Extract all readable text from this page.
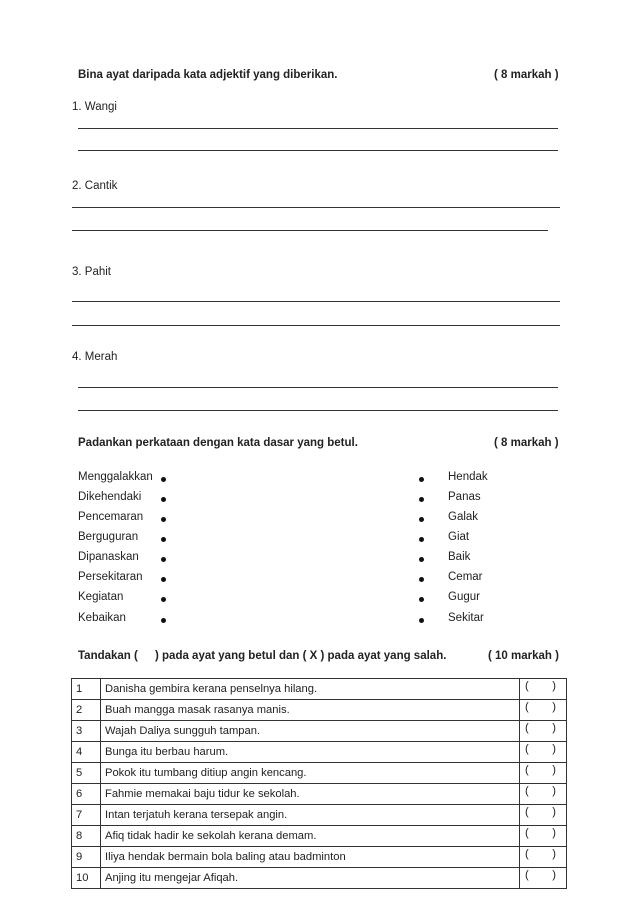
Bina ayat daripada kata adjektif yang diberikan.	( 8 markah )
1. Wangi
2. Cantik
3. Pahit
4. Merah
Padankan perkataan dengan kata dasar yang betul.	( 8 markah )
Menggalakkan
Dikehendaki
Pencemaran
Berguguran
Dipanaskan
Persekitaran
Kegiatan
Kebaikan
Hendak
Panas
Galak
Giat
Baik
Cemar
Gugur
Sekitar
Tandakan ( ) pada ayat yang betul dan ( X ) pada ayat yang salah.	( 10 markah )
1	Danisha gembira kerana penselnya hilang.	( )

2	Buah mangga masak rasanya manis.	( )

3	Wajah Daliya sungguh tampan.	( )

4	Bunga itu berbau harum.	( )

5	Pokok itu tumbang ditiup angin kencang.	( )

6	Fahmie memakai baju tidur ke sekolah.	( )

7	Intan terjatuh kerana tersepak angin.	( )

8	Afiq tidak hadir ke sekolah kerana demam.	( )

9	Iliya hendak bermain bola baling atau badminton	( )

10	Anjing itu mengejar Afiqah.	( )
